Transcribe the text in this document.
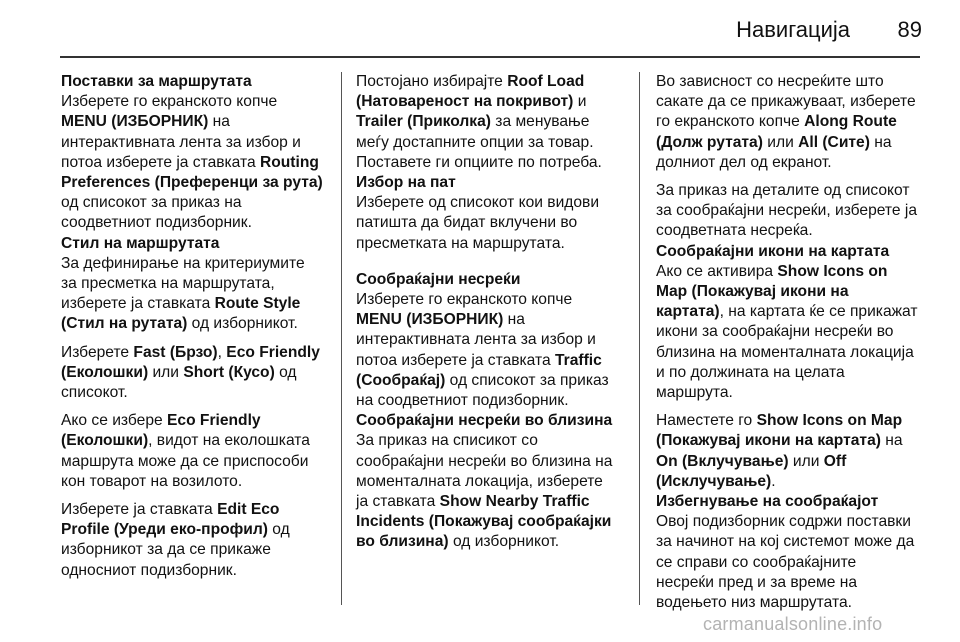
Навигација 89

Поставки за маршрутата

Изберете го екранското копче MENU (ИЗБОРНИК) на интерактивната лента за избор и потоа изберете ја ставката Routing Preferences (Преференци за рута) од списокот за приказ на соодветниот подизборник.

Стил на маршрутата

За дефинирање на критериумите за пресметка на маршрутата, изберете ја ставката Route Style (Стил на рутата) од изборникот.

Изберете Fast (Брзо), Eco Friendly (Еколошки) или Short (Кусо) од списокот.

Ако се избере Eco Friendly (Еколошки), видот на еколошката маршрута може да се приспособи кон товарот на возилото.

Изберете ја ставката Edit Eco Profile (Уреди еко-профил) од изборникот за да се прикаже односниот подизборник.

Постојано избирајте Roof Load (Натовареност на покривот) и Trailer (Приколка) за менување меѓу достапните опции за товар. Поставете ги опциите по потреба.

Избор на пат

Изберете од списокот кои видови патишта да бидат вклучени во пресметката на маршрутата.

Сообраќајни несреќи

Изберете го екранското копче MENU (ИЗБОРНИК) на интерактивната лента за избор и потоа изберете ја ставката Traffic (Сообраќај) од списокот за приказ на соодветниот подизборник.

Сообраќајни несреќи во близина

За приказ на списикот со сообраќајни несреќи во близина на моменталната локација, изберете ја ставката Show Nearby Traffic Incidents (Покажувај сообраќајки во близина) од изборникот.

Во зависност со несреќите што сакате да се прикажуваат, изберете го екранското копче Along Route (Долж рутата) или All (Сите) на долниот дел од екранот.

За приказ на деталите од списокот за сообраќајни несреќи, изберете ја соодветната несреќа.

Сообраќајни икони на картата

Ако се активира Show Icons on Map (Покажувај икони на картата), на картата ќе се прикажат икони за сообраќајни несреќи во близина на моменталната локација и по должината на целата маршрута.

Наместете го Show Icons on Map (Покажувај икони на картата) на On (Вклучување) или Off (Исклучување).

Избегнување на сообраќајот

Овој подизборник содржи поставки за начинот на кој системот може да се справи со сообраќајните несреќи пред и за време на водењето низ маршрутата.

carmanualsonline.info
